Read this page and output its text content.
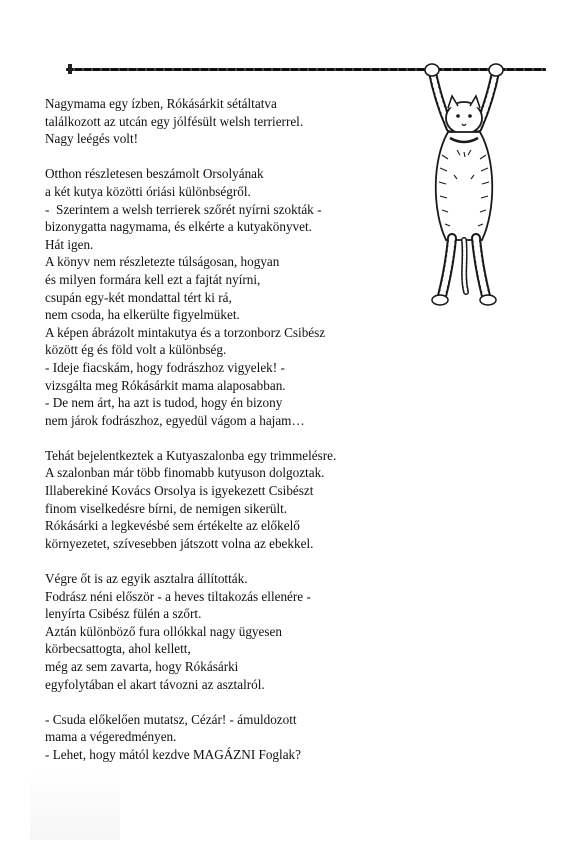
Nagymama egy ízben, Rókásárkit sétáltatva
találkozott az utcán egy jólfésült welsh terrierrel.
Nagy leégés volt!
Otthon részletesen beszámolt Orsolyának
a két kutya közötti óriási különbségről.
-  Szerintem a welsh terrierek szőrét nyírni szokták -
bizonygatta nagymama, és elkérte a kutyakönyvet.
Hát igen.
A könyv nem részletezte túlságosan, hogyan
és milyen formára kell ezt a fajtát nyírni,
csupán egy-két mondattal tért ki rá,
nem csoda, ha elkerülte figyelmüket.
A képen ábrázolt mintakutya és a torzonborz Csibész
között ég és föld volt a különbség.
- Ideje fiacskám, hogy fodrászhoz vigyelek! -
vizsgálta meg Rókásárkit mama alaposabban.
- De nem árt, ha azt is tudod, hogy én bizony
nem járok fodrászhoz, egyedül vágom a hajam…
Tehát bejelentkeztek a Kutyaszalonba egy trimmelésre.
A szalonban már több finomabb kutyuson dolgoztak.
Illaberekiné Kovács Orsolya is igyekezett Csibészt
finom viselkedésre bírni, de nemigen sikerült.
Rókásárki a legkevésbé sem értékelte az előkelő
környezetet, szívesebben játszott volna az ebekkel.
Végre őt is az egyik asztalra állították.
Fodrász néni először - a heves tiltakozás ellenére -
lenyírta Csibész fülén a szőrt.
Aztán különböző fura ollókkal nagy ügyesen
körbecsattogta, ahol kellett,
még az sem zavarta, hogy Rókásárki
egyfolytában el akart távozni az asztalról.
- Csuda előkelően mutatsz, Cézár! - ámuldozott
mama a végeredményen.
- Lehet, hogy mától kezdve MAGÁZNI Foglak?
